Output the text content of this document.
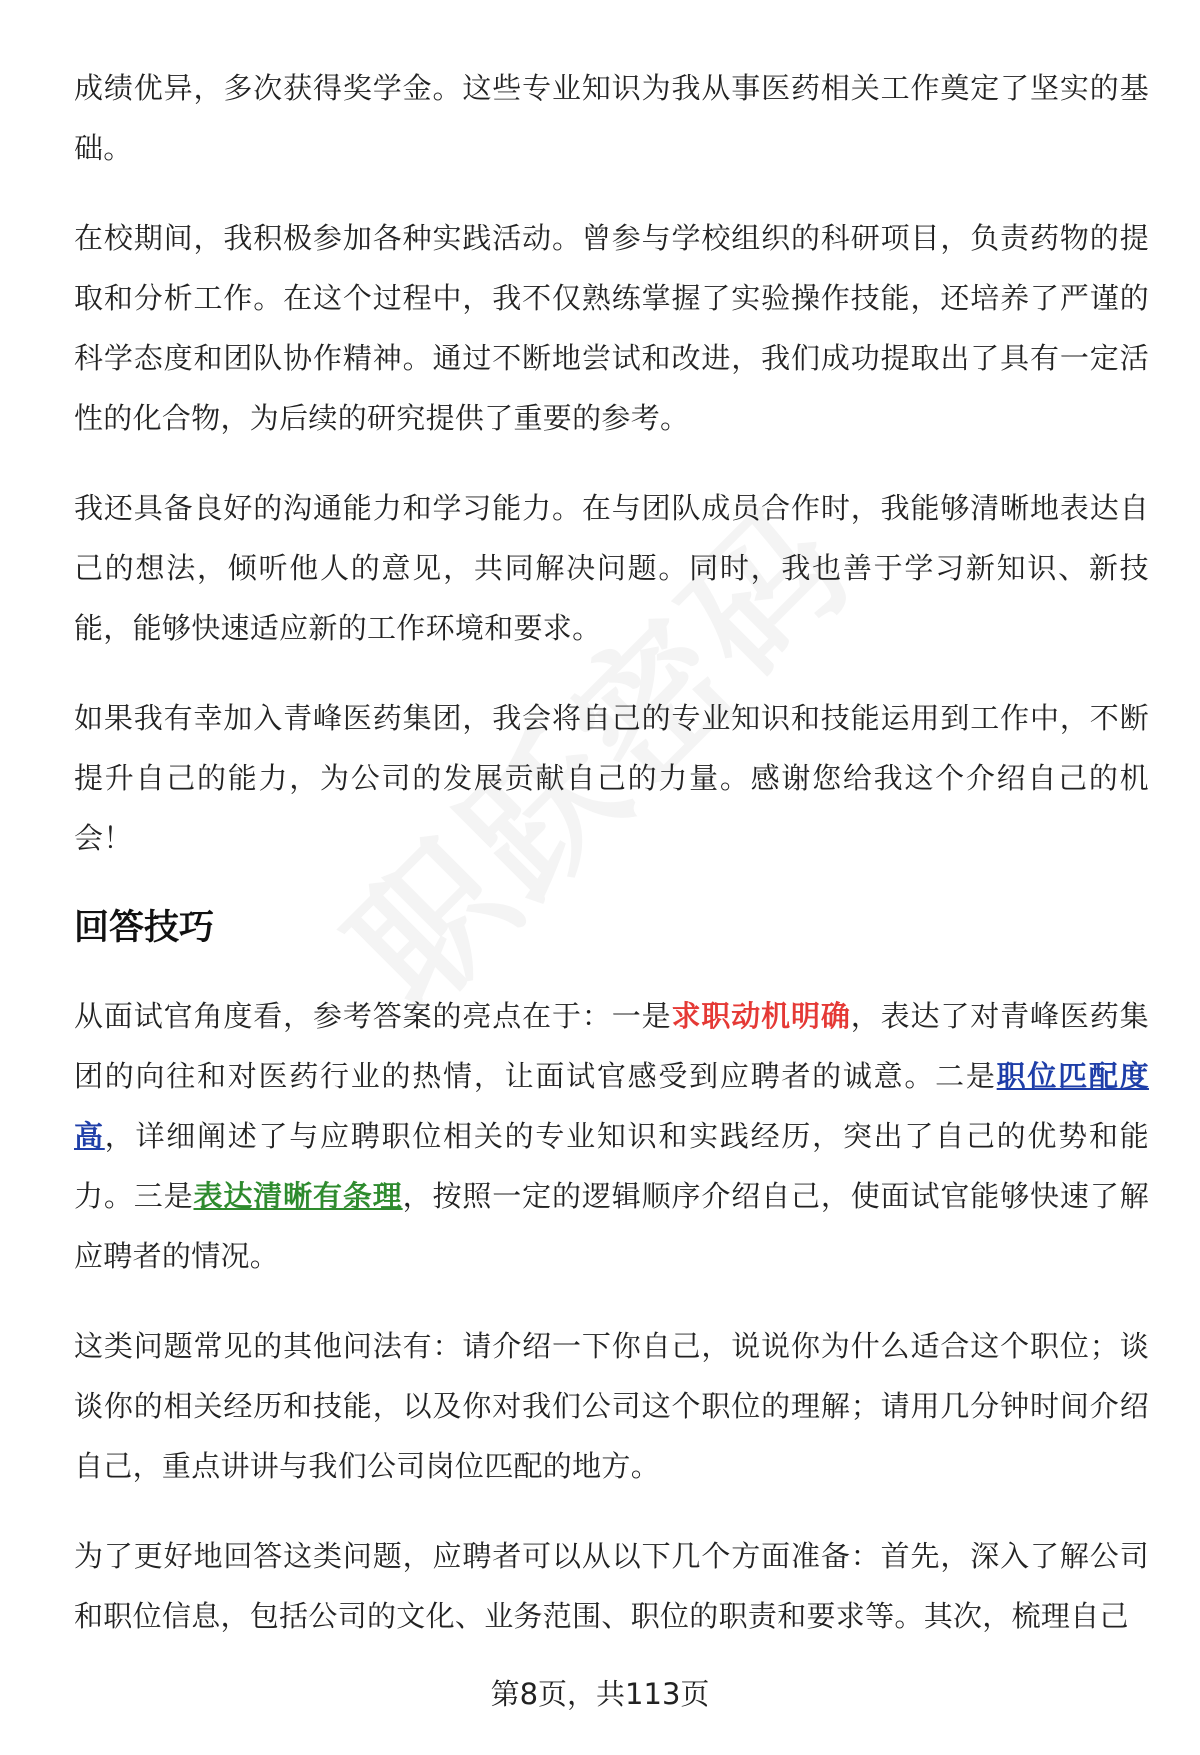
成绩优异，多次获得奖学金。这些专业知识为我从事医药相关工作奠定了坚实的基础。

在校期间，我积极参加各种实践活动。曾参与学校组织的科研项目，负责药物的提取和分析工作。在这个过程中，我不仅熟练掌握了实验操作技能，还培养了严谨的科学态度和团队协作精神。通过不断地尝试和改进，我们成功提取出了具有一定活性的化合物，为后续的研究提供了重要的参考。

我还具备良好的沟通能力和学习能力。在与团队成员合作时，我能够清晰地表达自己的想法，倾听他人的意见，共同解决问题。同时，我也善于学习新知识、新技能，能够快速适应新的工作环境和要求。

如果我有幸加入青峰医药集团，我会将自己的专业知识和技能运用到工作中，不断提升自己的能力，为公司的发展贡献自己的力量。感谢您给我这个介绍自己的机会！

回答技巧

从面试官角度看，参考答案的亮点在于：一是求职动机明确，表达了对青峰医药集团的向往和对医药行业的热情，让面试官感受到应聘者的诚意。二是职位匹配度高，详细阐述了与应聘职位相关的专业知识和实践经历，突出了自己的优势和能力。三是表达清晰有条理，按照一定的逻辑顺序介绍自己，使面试官能够快速了解应聘者的情况。

这类问题常见的其他问法有：请介绍一下你自己，说说你为什么适合这个职位；谈谈你的相关经历和技能，以及你对我们公司这个职位的理解；请用几分钟时间介绍自己，重点讲讲与我们公司岗位匹配的地方。

为了更好地回答这类问题，应聘者可以从以下几个方面准备：首先，深入了解公司和职位信息，包括公司的文化、业务范围、职位的职责和要求等。其次，梳理自己

第8页，共113页
